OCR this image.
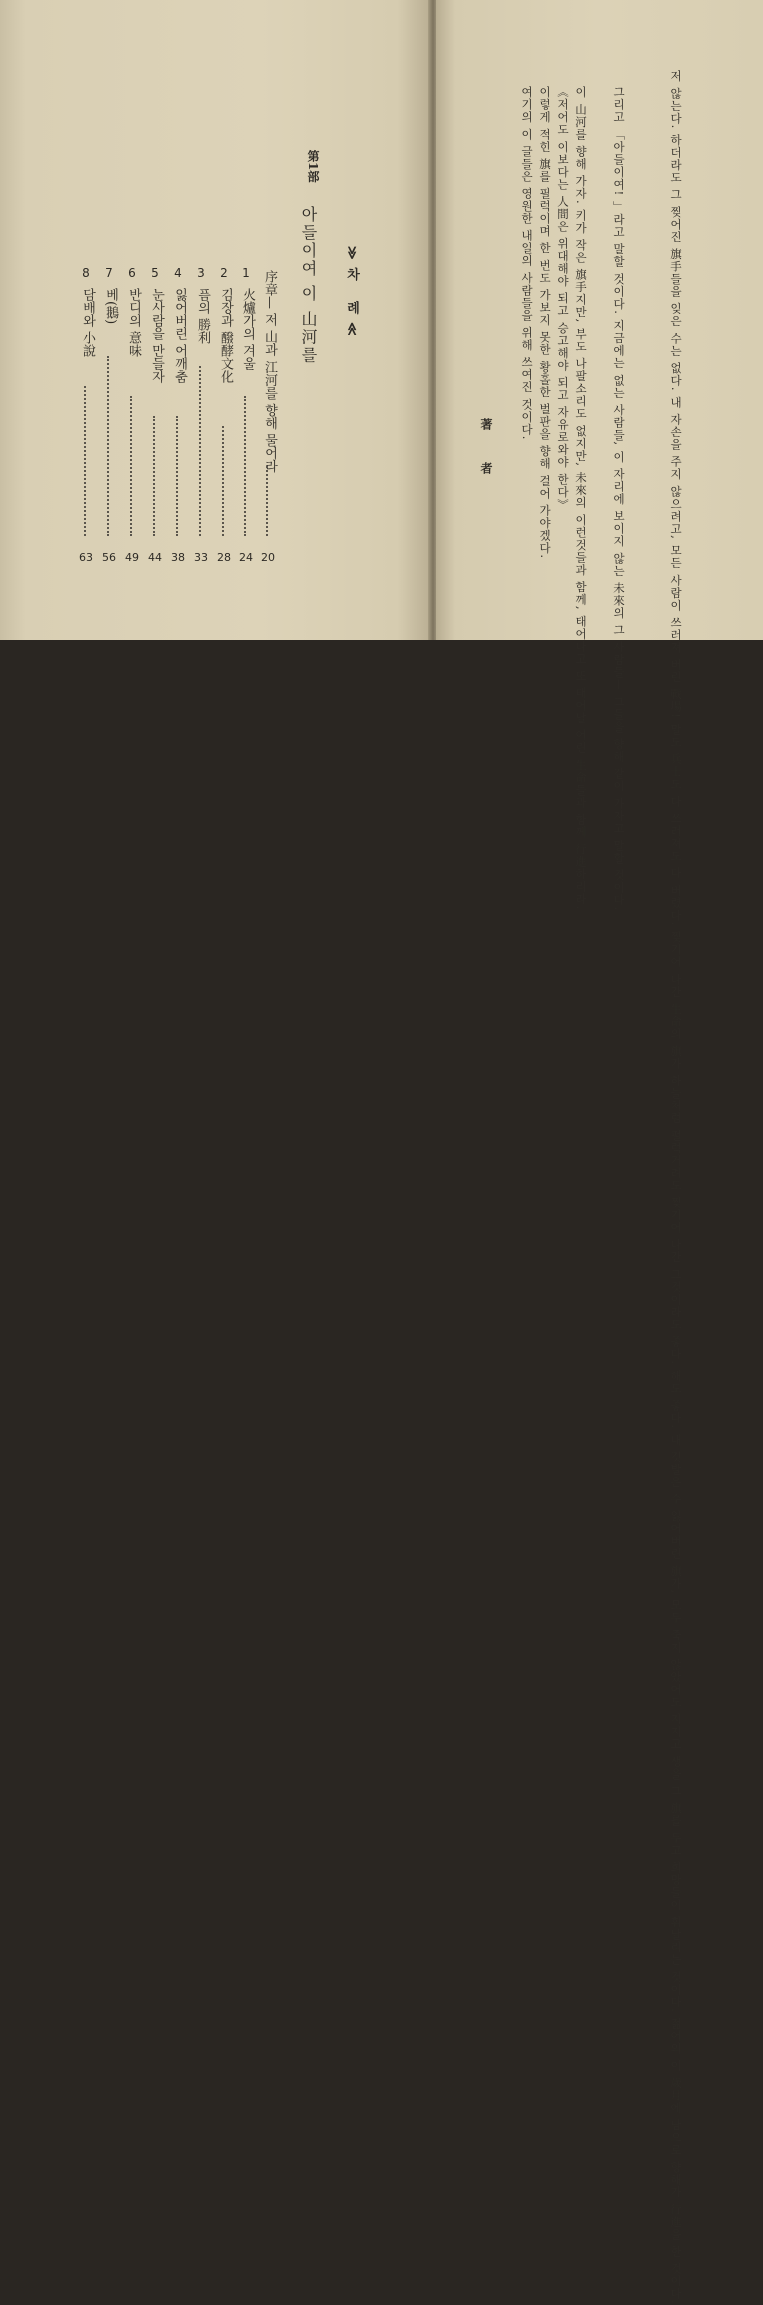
第1部
아들이여 이 山河를 ≫차 례≪
序章— 저 山과 江河를 향해 물어라
20
1
火爐가의 겨울
24
2
김장과 醱酵文化
28
3
픔의 勝利
33
4
잃어버린 어깨춤
38
5
눈사람을 만들자
44
6
반디의 意味
49
7
베(鵝)
56
8
담배와 小說
63	저 않는다. 하더라도 그 찢어진 旗手들을 잊은 수는 없다. 내 자손을 주지 않으려고, 모든 사람이 쓰러져 버린 戰場! 말도 兵士도 다 쓰러져도 다 버렸다. 찢기어 나간 生命의 旗가 하늘처럼 펄럭거려도 찢기어 나간 그것이라도 좋다. 해도 좋다. 내 깃발은 수 잃어버린 旗가, 모두 죽지 않았어도 지지고 생을 그 旗를 두고 희망들이 휘날리는 것이다. 젊어의 이 歲月에 남으로 향해가 行進을 한 것이다.
그리고 「아들이여! 」라고 말할 것이다. 지금에는 없는 사람들, 이 자리에 보이지 않는 未來의 그 사람들— 그들을 향해 같이 가자고 말할 것이다.
이 山河를 향해 가자. 키가 작은 旗手지만, 부도 나팔소리도 없지만, 未來의 이런것들과 함께, 태어나고 또 태어날 어린 生命들과 함께 行進하리라.
《저어도 이보다는 人間은 위대해야 되고 승고해야 되고 자유로와야 한다》
이렇게 적힌 旗를 필럭이며 한 번도 가보지 못한 황홀한 벌판을 향해 걸어 가야겠다.
여기의 이 글들은 영원한 내일의 사람들을 위해 쓰여진 것이다.
著 者
